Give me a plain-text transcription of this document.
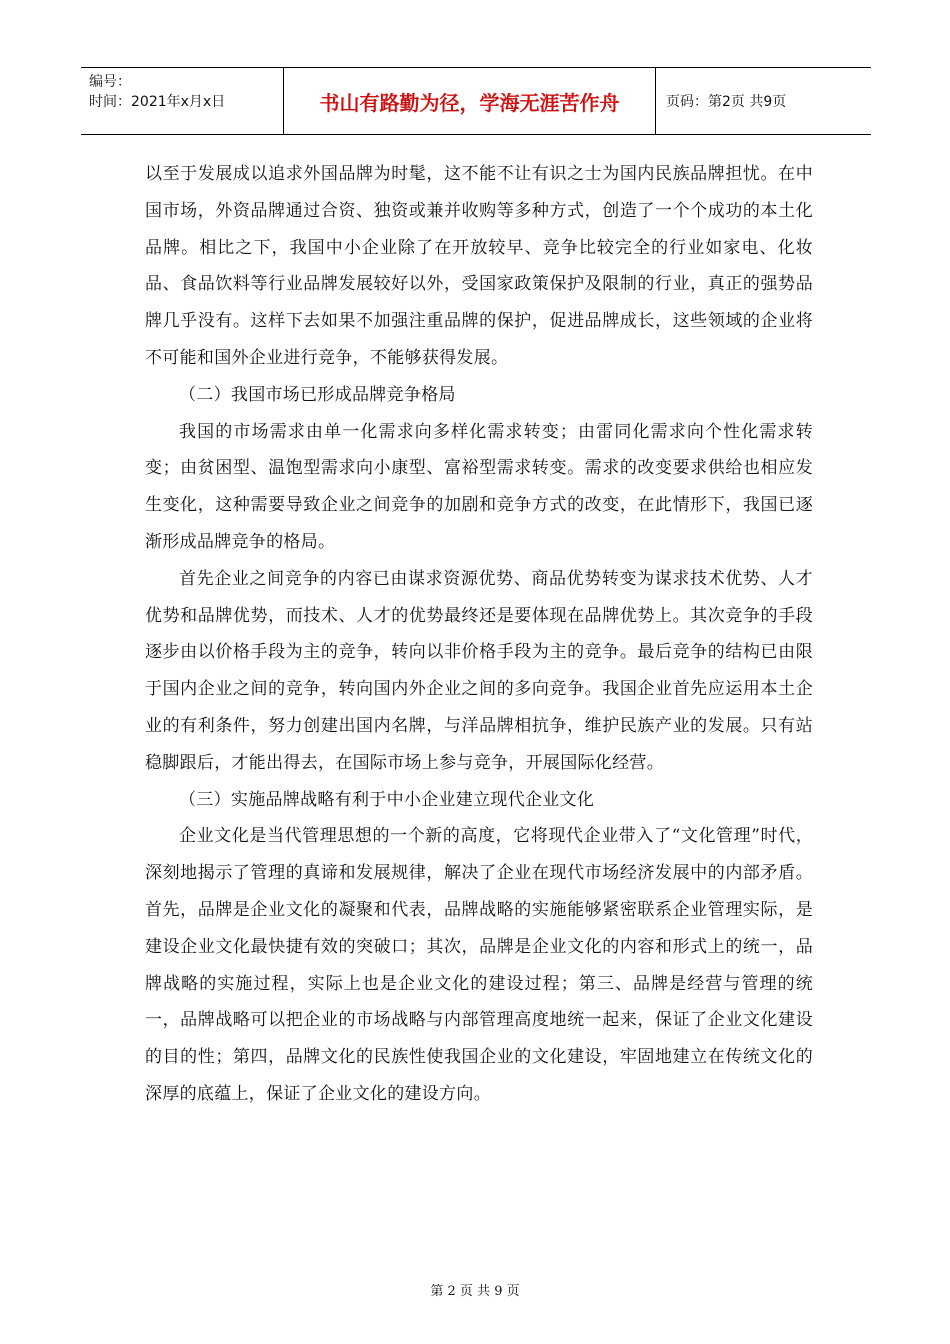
编号：
时间：2021年x月x日	书山有路勤为径，学海无涯苦作舟	页码：第2页 共9页

以至于发展成以追求外国品牌为时髦，这不能不让有识之士为国内民族品牌担忧。在中国市场，外资品牌通过合资、独资或兼并收购等多种方式，创造了一个个成功的本土化品牌。相比之下，我国中小企业除了在开放较早、竞争比较完全的行业如家电、化妆品、食品饮料等行业品牌发展较好以外，受国家政策保护及限制的行业，真正的强势品牌几乎没有。这样下去如果不加强注重品牌的保护，促进品牌成长，这些领域的企业将不可能和国外企业进行竞争，不能够获得发展。

（二）我国市场已形成品牌竞争格局

我国的市场需求由单一化需求向多样化需求转变；由雷同化需求向个性化需求转变；由贫困型、温饱型需求向小康型、富裕型需求转变。需求的改变要求供给也相应发生变化，这种需要导致企业之间竞争的加剧和竞争方式的改变，在此情形下，我国已逐渐形成品牌竞争的格局。

首先企业之间竞争的内容已由谋求资源优势、商品优势转变为谋求技术优势、人才优势和品牌优势，而技术、人才的优势最终还是要体现在品牌优势上。其次竞争的手段逐步由以价格手段为主的竞争，转向以非价格手段为主的竞争。最后竞争的结构已由限于国内企业之间的竞争，转向国内外企业之间的多向竞争。我国企业首先应运用本土企业的有利条件，努力创建出国内名牌，与洋品牌相抗争，维护民族产业的发展。只有站稳脚跟后，才能出得去，在国际市场上参与竞争，开展国际化经营。

（三）实施品牌战略有利于中小企业建立现代企业文化

企业文化是当代管理思想的一个新的高度，它将现代企业带入了“文化管理”时代，深刻地揭示了管理的真谛和发展规律，解决了企业在现代市场经济发展中的内部矛盾。首先，品牌是企业文化的凝聚和代表，品牌战略的实施能够紧密联系企业管理实际，是建设企业文化最快捷有效的突破口；其次，品牌是企业文化的内容和形式上的统一，品牌战略的实施过程，实际上也是企业文化的建设过程；第三、品牌是经营与管理的统一，品牌战略可以把企业的市场战略与内部管理高度地统一起来，保证了企业文化建设的目的性；第四，品牌文化的民族性使我国企业的文化建设，牢固地建立在传统文化的深厚的底蕴上，保证了企业文化的建设方向。

第 2 页 共 9 页
